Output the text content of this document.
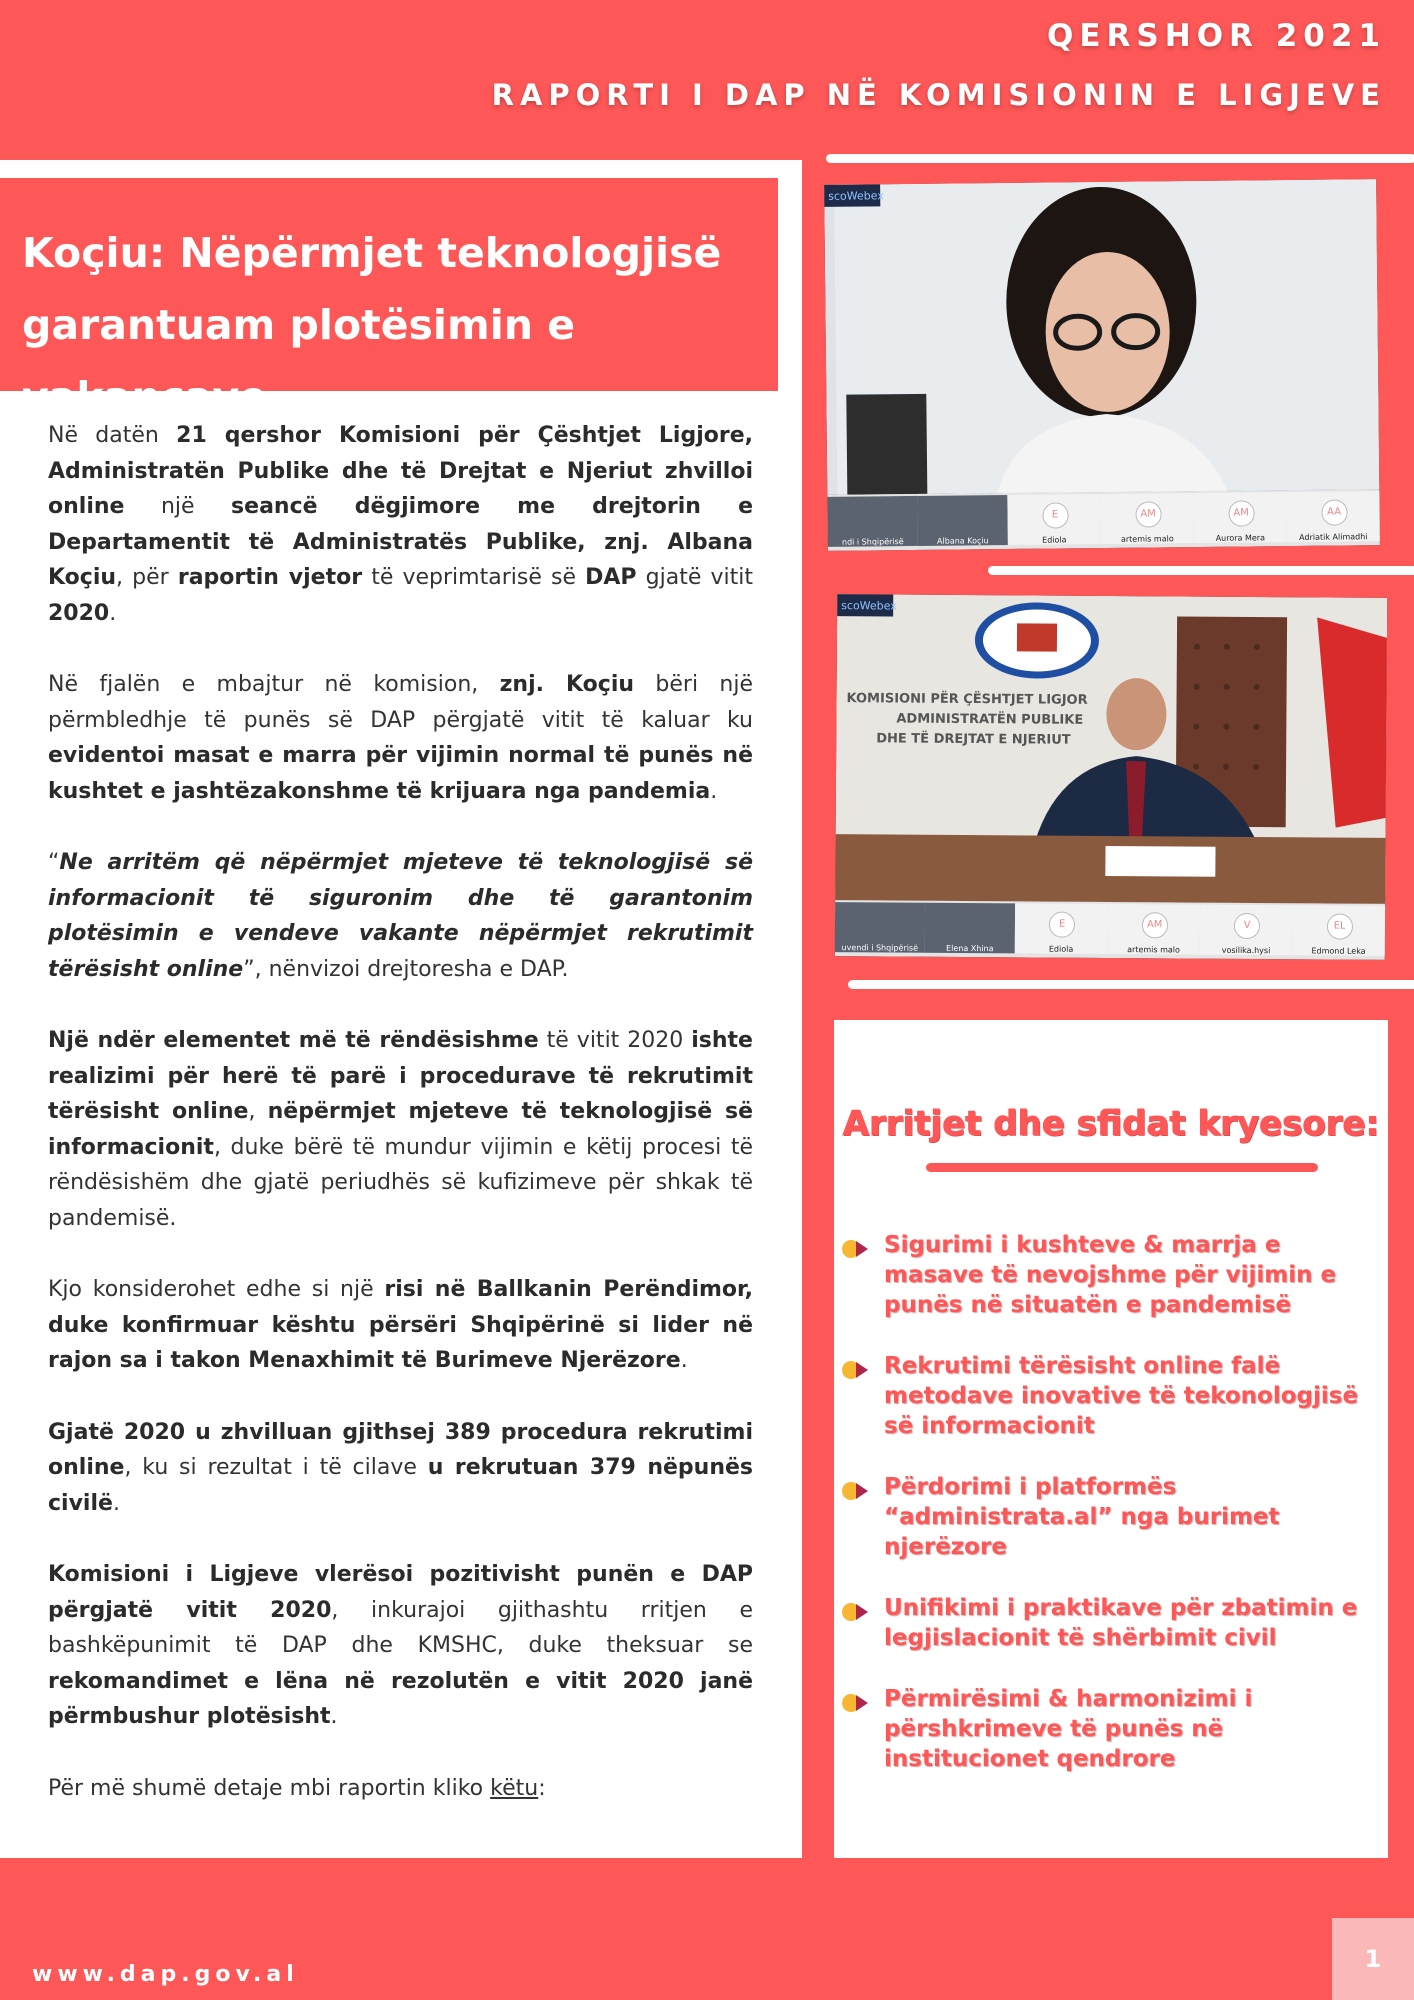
QERSHOR 2021
RAPORTI I DAP NË KOMISIONIN E LIGJEVE
Koçiu: Nëpërmjet teknologjisë
garantuam plotësimin e vakancave

Në datën 21 qershor Komisioni për Çështjet Ligjore, Administratën Publike dhe të Drejtat e Njeriut zhvilloi online një seancë dëgjimore me drejtorin e Departamentit të Administratës Publike, znj. Albana Koçiu, për raportin vjetor të veprimtarisë së DAP gjatë vitit 2020.

Në fjalën e mbajtur në komision, znj. Koçiu bëri një përmbledhje të punës së DAP përgjatë vitit të kaluar ku evidentoi masat e marra për vijimin normal të punës në kushtet e jashtëzakonshme të krijuara nga pandemia.

“Ne arritëm që nëpërmjet mjeteve të teknologjisë së informacionit të siguronim dhe të garantonim plotësimin e vendeve vakante nëpërmjet rekrutimit tërësisht online”, nënvizoi drejtoresha e DAP.

Një ndër elementet më të rëndësishme të vitit 2020 ishte realizimi për herë të parë i procedurave të rekrutimit tërësisht online, nëpërmjet mjeteve të teknologjisë së informacionit, duke bërë të mundur vijimin e këtij procesi të rëndësishëm dhe gjatë periudhës së kufizimeve për shkak të pandemisë.

Kjo konsiderohet edhe si një risi në Ballkanin Perëndimor, duke konfirmuar kështu përsëri Shqipërinë si lider në rajon sa i takon Menaxhimit të Burimeve Njerëzore.

Gjatë 2020 u zhvilluan gjithsej 389 procedura rekrutimi online, ku si rezultat i të cilave u rekrutuan 379 nëpunës civilë.

Komisioni i Ligjeve vlerësoi pozitivisht punën e DAP përgjatë vitit 2020, inkurajoi gjithashtu rritjen e bashkëpunimit të DAP dhe KMSHC, duke theksuar se rekomandimet e lëna në rezolutën e vitit 2020 janë përmbushur plotësisht.

Për më shumë detaje mbi raportin kliko këtu:

scoWebex
ndi i Shqipërisë	Albana Koçiu
E
Ediola
AM
artemis malo
AM
Aurora Mera
AA
Adriatik Alimadhi
KOMISIONI PËR ÇËSHTJET LIGJOR
ADMINISTRATËN PUBLIKE
DHE TË DREJTAT E NJERIUT
scoWebex
uvendi i Shqipërisë	Elena Xhina
E
Ediola
AM
artemis malo
V
vosilika.hysi
EL
Edmond Leka
Arritjet dhe sfidat kryesore:
Sigurimi i kushteve & marrja e masave të nevojshme për vijimin e punës në situatën e pandemisë
Rekrutimi tërësisht online falë metodave inovative të tekonologjisë së informacionit
Përdorimi i platformës “administrata.al” nga burimet njerëzore
Unifikimi i praktikave për zbatimin e legjislacionit të shërbimit civil
Përmirësimi & harmonizimi i përshkrimeve të punës në institucionet qendrore
www.dap.gov.al
1
